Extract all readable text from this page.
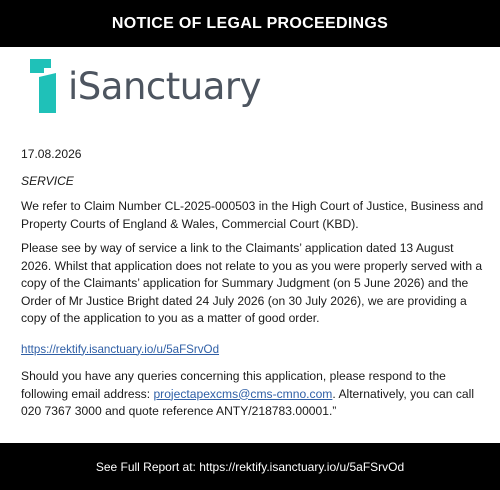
NOTICE OF LEGAL PROCEEDINGS
iSanctuary

17.08.2026

SERVICE

We refer to Claim Number CL-2025-000503 in the High Court of Justice, Business and Property Courts of England & Wales, Commercial Court (KBD).

Please see by way of service a link to the Claimants’ application dated 13 August 2026. Whilst that application does not relate to you as you were properly served with a copy of the Claimants’ application for Summary Judgment (on 5 June 2026) and the Order of Mr Justice Bright dated 24 July 2026 (on 30 July 2026), we are providing a copy of the application to you as a matter of good order.

https://rektify.isanctuary.io/u/5aFSrvOd

Should you have any queries concerning this application, please respond to the following email address: projectapexcms@cms-cmno.com. Alternatively, you can call 020 7367 3000 and quote reference ANTY/218783.00001.”

See Full Report at: https://rektify.isanctuary.io/u/5aFSrvOd
